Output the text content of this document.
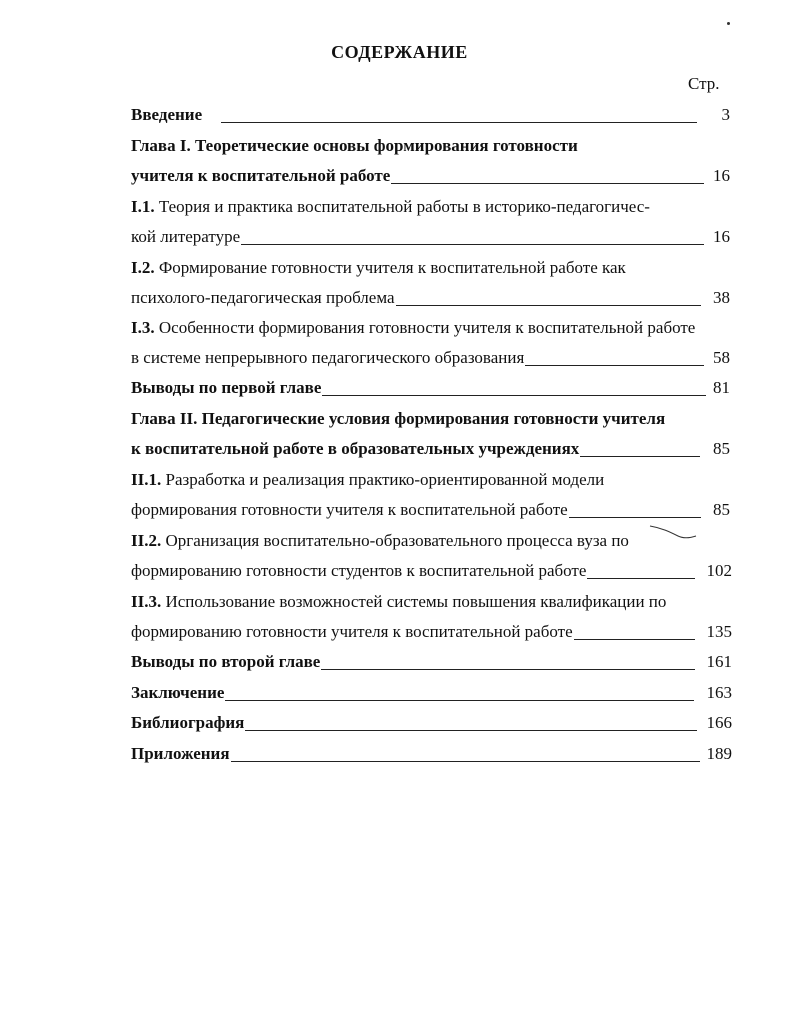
СОДЕРЖАНИЕ
Стр.
Введение	3
Глава I. Теоретические основы формирования готовности
учителя к воспитательной работе	16
I.1. Теория и практика воспитательной работы в историко-педагогичес-
кой литературе	16
I.2. Формирование готовности учителя к воспитательной работе как
психолого-педагогическая проблема	38
I.3. Особенности формирования готовности учителя к воспитательной работе
в системе непрерывного педагогического образования	58
Выводы по первой главе	81
Глава II. Педагогические условия формирования готовности учителя
к воспитательной работе в образовательных учреждениях	85
II.1. Разработка и реализация практико-ориентированной модели
формирования готовности учителя к воспитательной работе	85
II.2. Организация воспитательно-образовательного процесса вуза по
формированию готовности студентов к воспитательной работе	102
II.3. Использование возможностей системы повышения квалификации по
формированию готовности учителя к воспитательной работе	135
Выводы по второй главе	161
Заключение	163
Библиография	166
Приложения	189
